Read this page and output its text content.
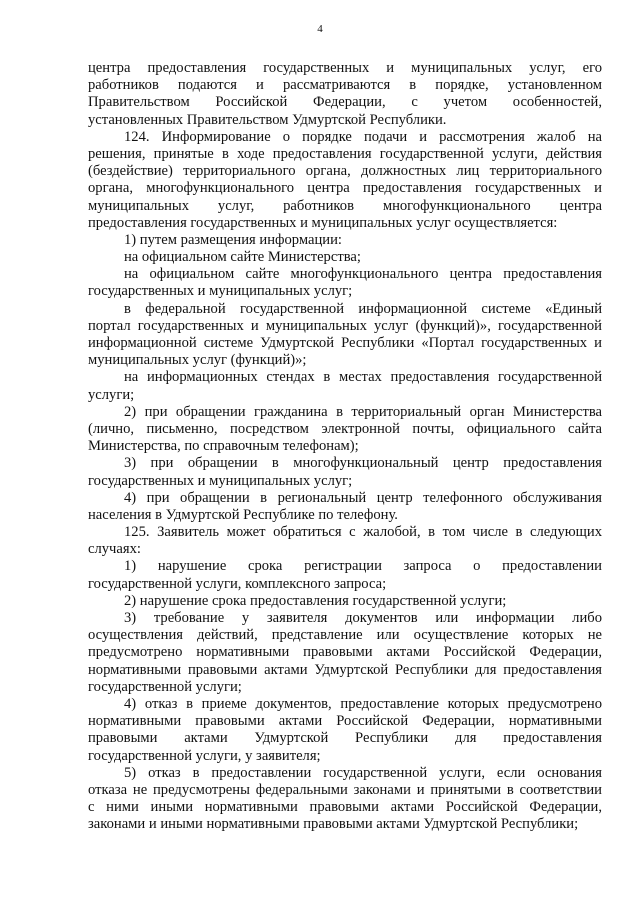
4
центра предоставления государственных и муниципальных услуг, его
работников подаются и рассматриваются в порядке, установленном
Правительством Российской Федерации, с учетом особенностей,
установленных Правительством Удмуртской Республики.
124. Информирование о порядке подачи и рассмотрения жалоб на
решения, принятые в ходе предоставления государственной услуги, действия
(бездействие) территориального органа, должностных лиц территориального
органа, многофункционального центра предоставления государственных и
муниципальных услуг, работников многофункционального центра
предоставления государственных и муниципальных услуг осуществляется:
1) путем размещения информации:
на официальном сайте Министерства;
на официальном сайте многофункционального центра предоставления
государственных и муниципальных услуг;
в федеральной государственной информационной системе «Единый
портал государственных и муниципальных услуг (функций)», государственной
информационной системе Удмуртской Республики «Портал государственных и
муниципальных услуг (функций)»;
на информационных стендах в местах предоставления государственной
услуги;
2) при обращении гражданина в территориальный орган Министерства
(лично, письменно, посредством электронной почты, официального сайта
Министерства, по справочным телефонам);
3) при обращении в многофункциональный центр предоставления
государственных и муниципальных услуг;
4) при обращении в региональный центр телефонного обслуживания
населения в Удмуртской Республике по телефону.
125. Заявитель может обратиться с жалобой, в том числе в следующих
случаях:
1) нарушение срока регистрации запроса о предоставлении
государственной услуги, комплексного запроса;
2) нарушение срока предоставления государственной услуги;
3) требование у заявителя документов или информации либо
осуществления действий, представление или осуществление которых не
предусмотрено нормативными правовыми актами Российской Федерации,
нормативными правовыми актами Удмуртской Республики для предоставления
государственной услуги;
4) отказ в приеме документов, предоставление которых предусмотрено
нормативными правовыми актами Российской Федерации, нормативными
правовыми актами Удмуртской Республики для предоставления
государственной услуги, у заявителя;
5) отказ в предоставлении государственной услуги, если основания
отказа не предусмотрены федеральными законами и принятыми в соответствии
с ними иными нормативными правовыми актами Российской Федерации,
законами и иными нормативными правовыми актами Удмуртской Республики;
